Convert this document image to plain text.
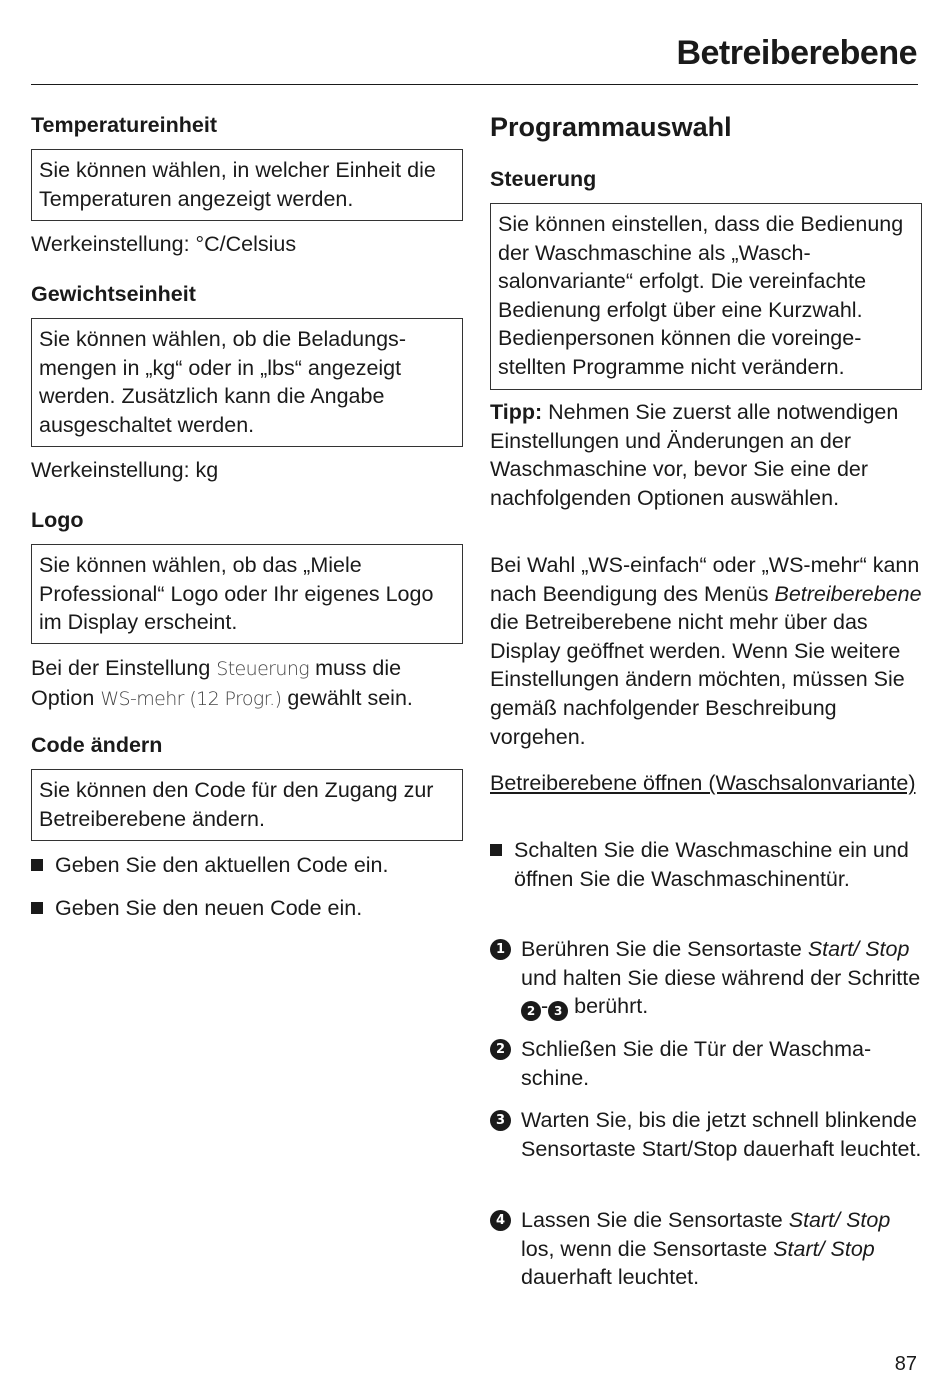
Betreiberebene
Temperatureinheit
Sie können wählen, in welcher Einheit die Temperaturen angezeigt werden.
Werkeinstellung: °C/Celsius
Gewichtseinheit
Sie können wählen, ob die Beladungsmengen in „kg“ oder in „lbs“ angezeigt werden. Zusätzlich kann die Angabe ausgeschaltet werden.
Werkeinstellung: kg
Logo
Sie können wählen, ob das „Miele Professional“ Logo oder Ihr eigenes Logo im Display erscheint.
Bei der Einstellung Steuerung muss die Option WS-mehr (12 Progr.) gewählt sein.
Code ändern
Sie können den Code für den Zugang zur Betreiberebene ändern.
Geben Sie den aktuellen Code ein.
Geben Sie den neuen Code ein.
Programmauswahl
Steuerung
Sie können einstellen, dass die Bedienung der Waschmaschine als „Waschsalonvariante“ erfolgt. Die vereinfachte Bedienung erfolgt über eine Kurzwahl. Bedienpersonen können die voreingestellten Programme nicht verändern.
Tipp: Nehmen Sie zuerst alle notwendigen Einstellungen und Änderungen an der Waschmaschine vor, bevor Sie eine der nachfolgenden Optionen auswählen.
Bei Wahl „WS-einfach“ oder „WS-mehr“ kann nach Beendigung des Menüs Betreiberebene die Betreiberebene nicht mehr über das Display geöffnet werden. Wenn Sie weitere Einstellungen ändern möchten, müssen Sie gemäß nachfolgender Beschreibung vorgehen.
Betreiberebene öffnen (Waschsalonvariante)
Schalten Sie die Waschmaschine ein und öffnen Sie die Waschmaschinentür.
1 Berühren Sie die Sensortaste Start/ Stop und halten Sie diese während der Schritte 2 - 3 berührt.
2 Schließen Sie die Tür der Waschmaschine.
3 Warten Sie, bis die jetzt schnell blinkende Sensortaste Start/Stop dauerhaft leuchtet.
4 Lassen Sie die Sensortaste Start/ Stop los, wenn die Sensortaste Start/ Stop dauerhaft leuchtet.
87
